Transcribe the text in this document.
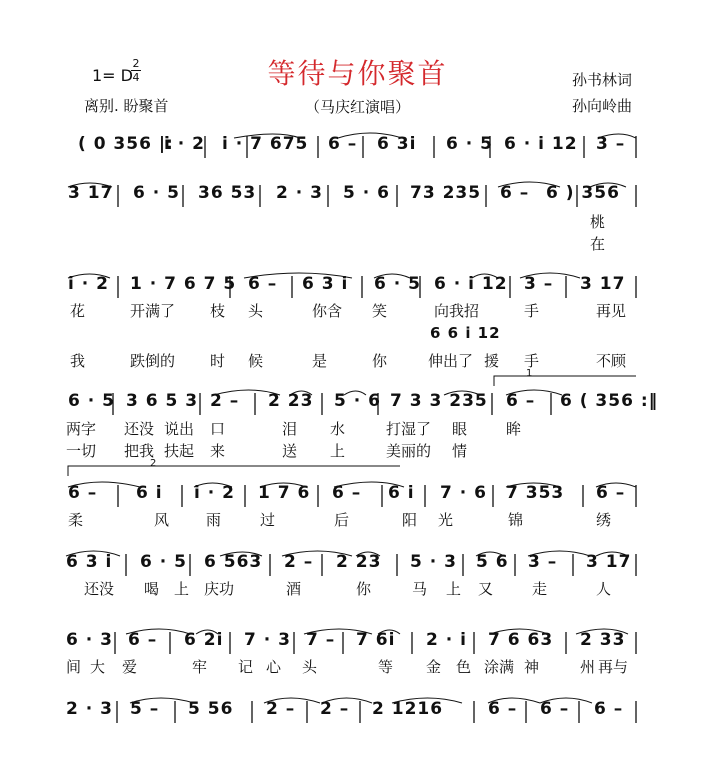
等待与你聚首
（马庆红演唱）
1= D
2
4
离别. 盼聚首
孙书林词
孙向岭曲
( 0 356 |:
i · 2 i · 7 675 6 – 6 3i 6 · 5 6 · i 12 3 –
3 17 6 · 5 36 53 2 · 3 5 · 6 73 235 6 – 6 ) 356
桃
在
i · 2 1 · 7 6 7 5 6 – 6 3 i 6 · 5 6 · i 12 3 – 3 17
花	开满了 枝 头	你含 笑	向我招	手	再见
6 6 i 12
我	跌倒的 时 候	是	你	伸出了 援 手	不顾
1
6 · 5 3 6 5 3 2 – 2 23 5 · 6 7 3 3 235 6 – 6 ( 356 :‖
两字 还没 说出 口	泪 水	打湿了 眼	眸
一切 把我 扶起 来	送 上	美丽的 情
2
6 – 6 i i · 2 1 7 6 6 – 6 i 7 · 6 7 353 6 –
柔	风 雨	过	后	阳 光	锦	绣
6 3 i 6 · 5 6 563 2 – 2 23 5 · 3 5 6 3 – 3 17
还没 喝 上 庆功	酒	你	马 上 又	走	人
6 · 3 6 – 6 2i 7 · 3 7 – 7 6i 2 · i 7 6 63 2 33
间 大 爱	牢 记 心 头	等 金 色 涂满 神	州 再与
2 · 3 5 – 5 56 2 – 2 – 2 1216	6 – 6 – 6 –
